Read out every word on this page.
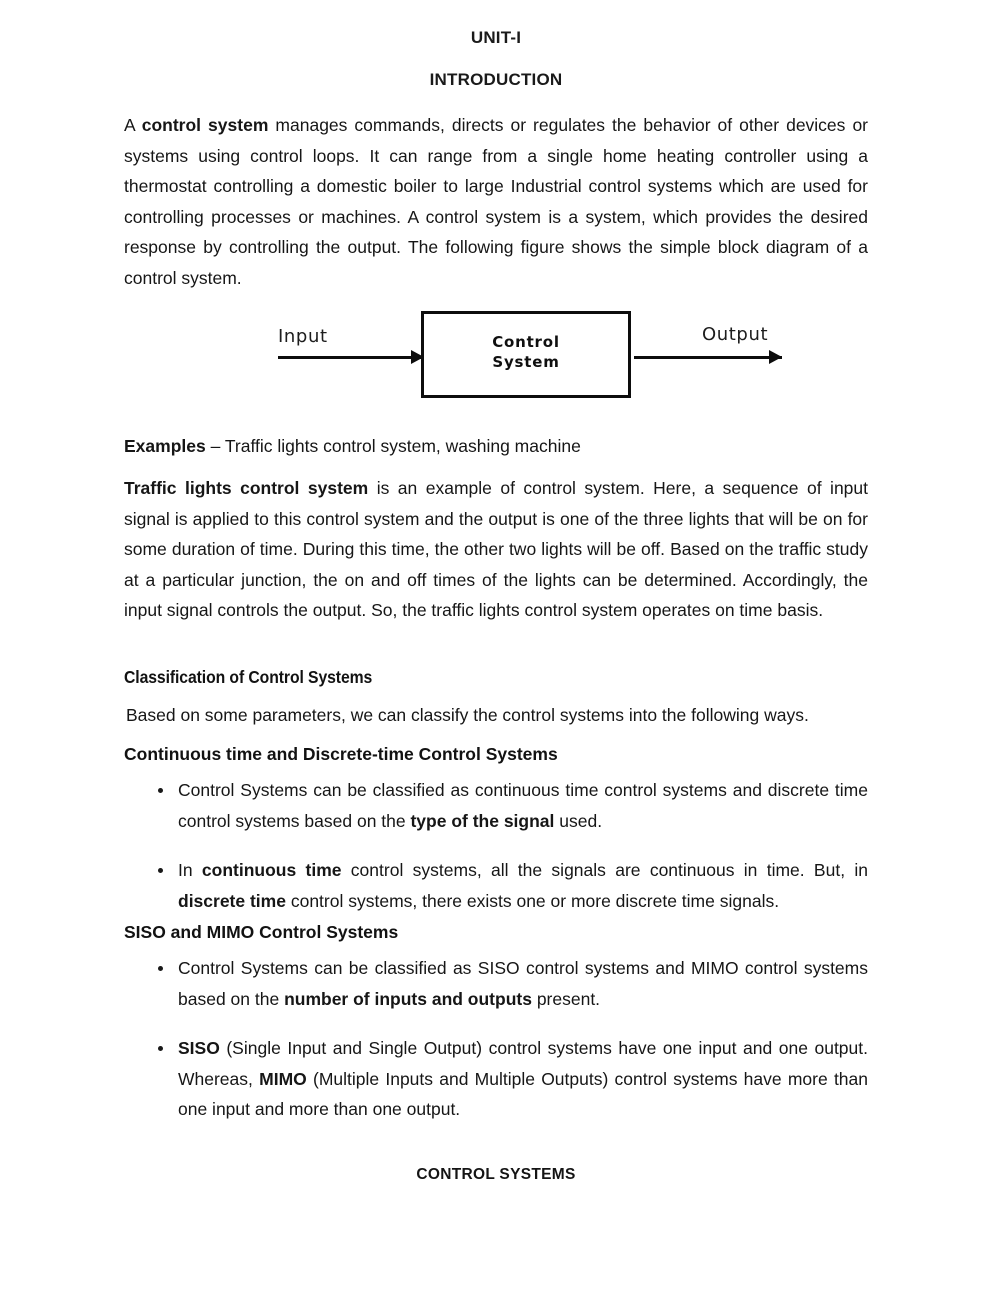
UNIT-I
INTRODUCTION

A control system manages commands, directs or regulates the behavior of other devices or systems using control loops. It can range from a single home heating controller using a thermostat controlling a domestic boiler to large Industrial control systems which are used for controlling processes or machines. A control system is a system, which provides the desired response by controlling the output. The following figure shows the simple block diagram of a control system.

Input	Control
System
Output

Examples – Traffic lights control system, washing machine

Traffic lights control system is an example of control system. Here, a sequence of input signal is applied to this control system and the output is one of the three lights that will be on for some duration of time. During this time, the other two lights will be off. Based on the traffic study at a particular junction, the on and off times of the lights can be determined. Accordingly, the input signal controls the output. So, the traffic lights control system operates on time basis.

Classification of Control Systems

Based on some parameters, we can classify the control systems into the following ways.

Continuous time and Discrete-time Control Systems

Control Systems can be classified as continuous time control systems and discrete time control systems based on the type of the signal used.
In continuous time control systems, all the signals are continuous in time. But, in discrete time control systems, there exists one or more discrete time signals.

SISO and MIMO Control Systems

Control Systems can be classified as SISO control systems and MIMO control systems based on the number of inputs and outputs present.
SISO (Single Input and Single Output) control systems have one input and one output. Whereas, MIMO (Multiple Inputs and Multiple Outputs) control systems have more than one input and more than one output.
CONTROL SYSTEMS
